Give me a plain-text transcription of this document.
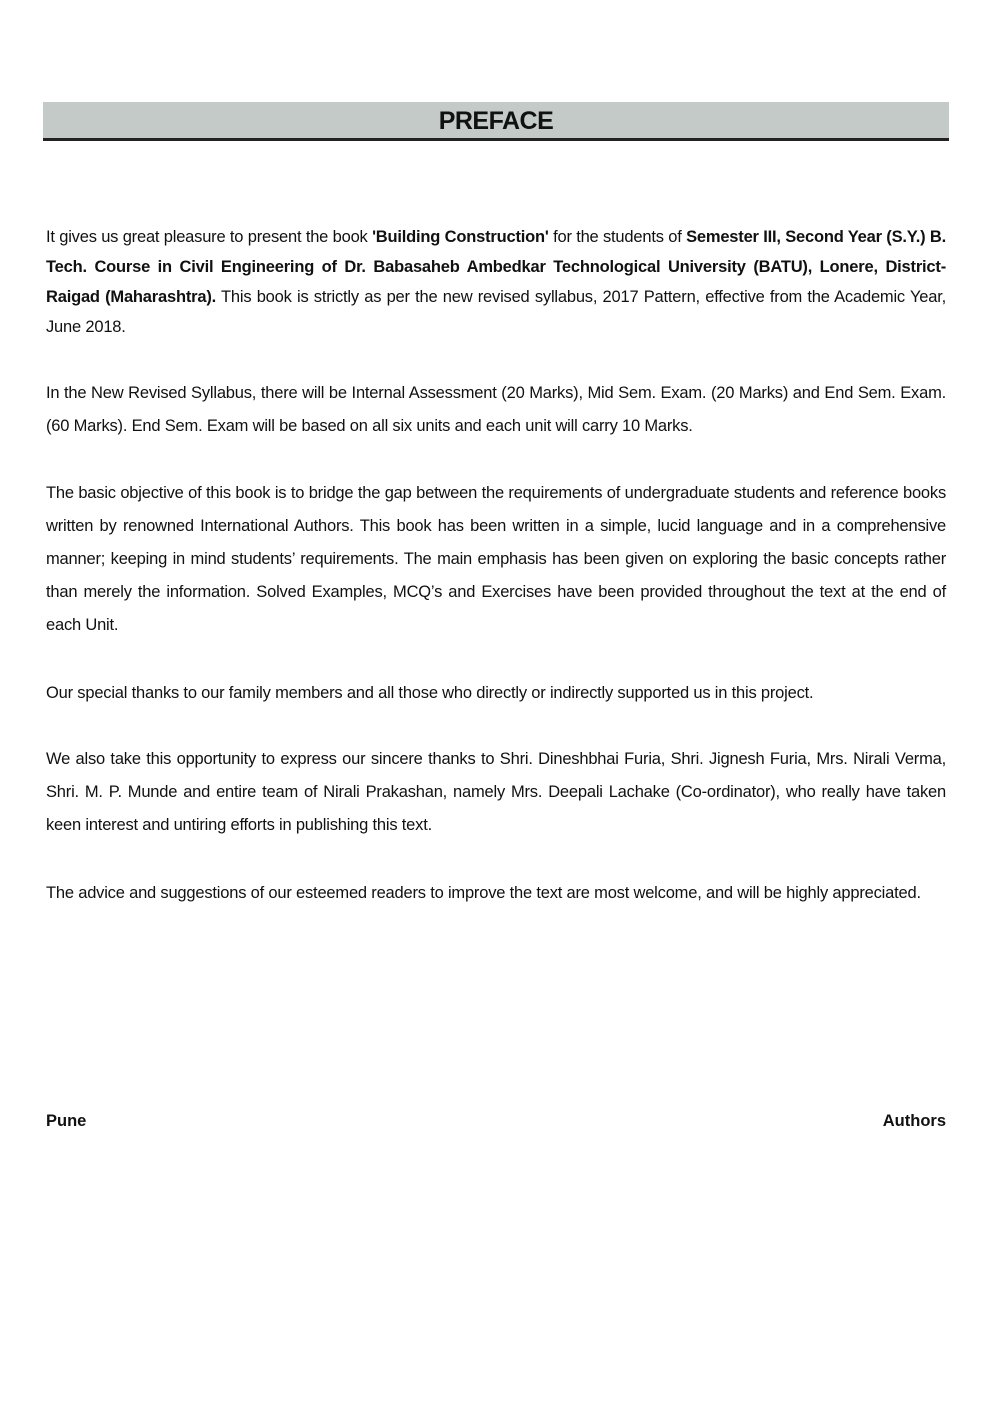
PREFACE
It gives us great pleasure to present the book 'Building Construction' for the students of Semester III, Second Year (S.Y.) B. Tech. Course in Civil Engineering of Dr. Babasaheb Ambedkar Technological University (BATU), Lonere, District-Raigad (Maharashtra). This book is strictly as per the new revised syllabus, 2017 Pattern, effective from the Academic Year, June 2018.
In the New Revised Syllabus, there will be Internal Assessment (20 Marks), Mid Sem. Exam. (20 Marks) and End Sem. Exam. (60 Marks). End Sem. Exam will be based on all six units and each unit will carry 10 Marks.
The basic objective of this book is to bridge the gap between the requirements of undergraduate students and reference books written by renowned International Authors. This book has been written in a simple, lucid language and in a comprehensive manner; keeping in mind students’ requirements. The main emphasis has been given on exploring the basic concepts rather than merely the information. Solved Examples, MCQ’s and Exercises have been provided throughout the text at the end of each Unit.
Our special thanks to our family members and all those who directly or indirectly supported us in this project.
We also take this opportunity to express our sincere thanks to Shri. Dineshbhai Furia, Shri. Jignesh Furia, Mrs. Nirali Verma, Shri. M. P. Munde and entire team of Nirali Prakashan, namely Mrs. Deepali Lachake (Co-ordinator), who really have taken keen interest and untiring efforts in publishing this text.
The advice and suggestions of our esteemed readers to improve the text are most welcome, and will be highly appreciated.
Pune	Authors
